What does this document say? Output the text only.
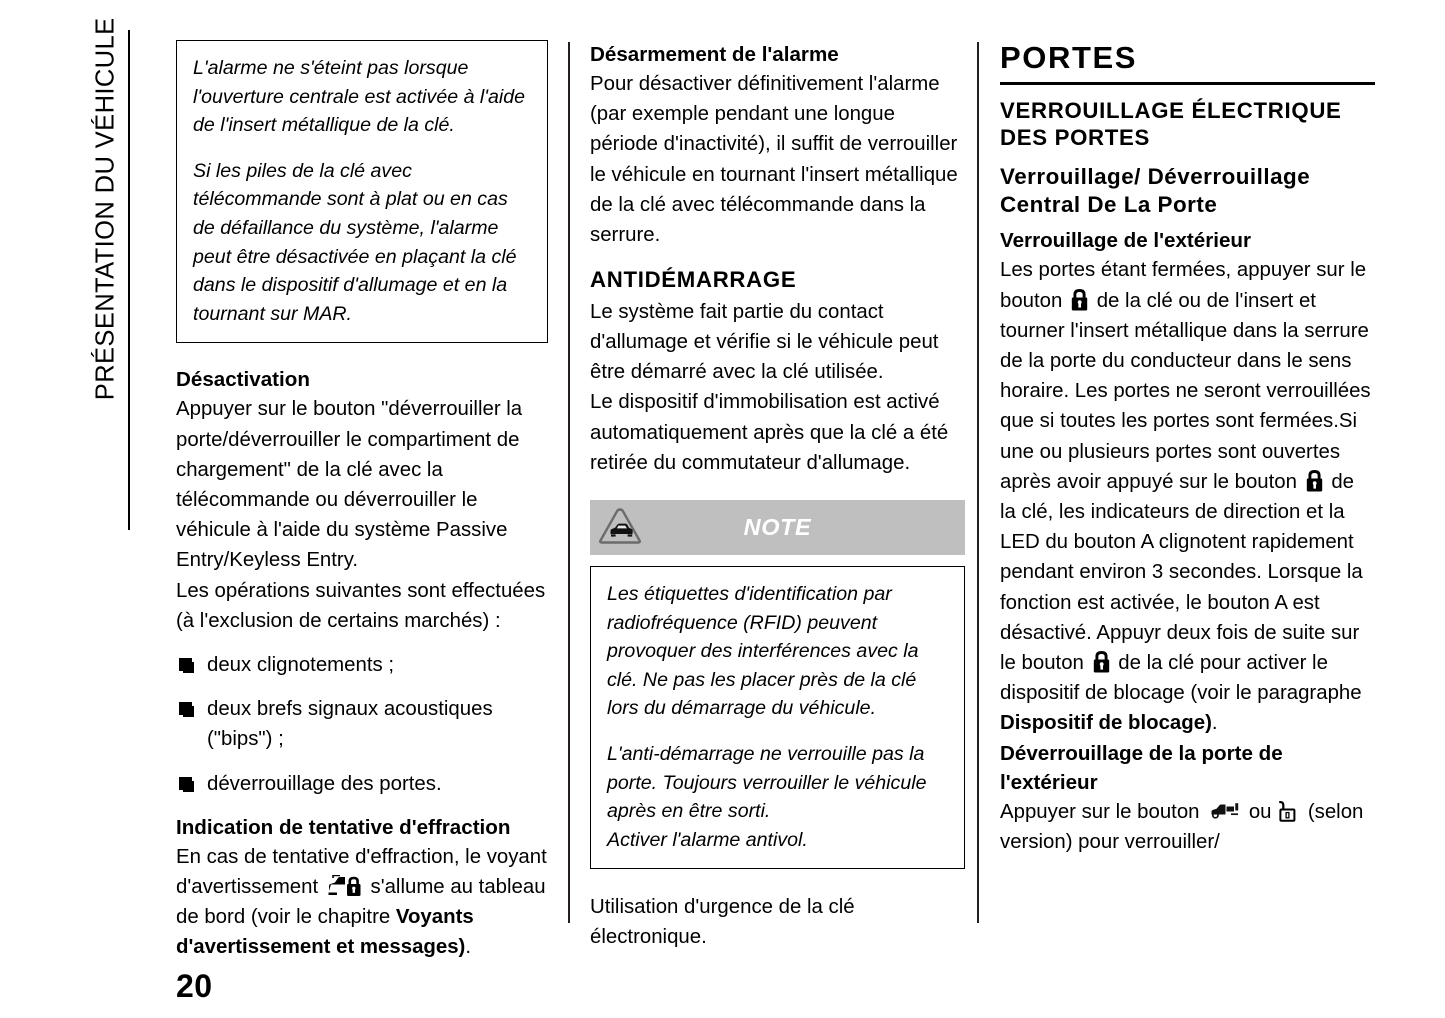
PRÉSENTATION DU VÉHICULE	L'alarme ne s'éteint pas lorsque l'ouverture centrale est activée à l'aide de l'insert métallique de la clé.

Si les piles de la clé avec télécommande sont à plat ou en cas de défaillance du système, l'alarme peut être désactivée en plaçant la clé dans le dispositif d'allumage et en la tournant sur MAR.

Désactivation

Appuyer sur le bouton "déverrouiller la porte/déverrouiller le compartiment de chargement" de la clé avec la télécommande ou déverrouiller le véhicule à l'aide du système Passive Entry/Keyless Entry.

Les opérations suivantes sont effectuées (à l'exclusion de certains marchés) :

deux clignotements ;
deux brefs signaux acoustiques ("bips") ;
déverrouillage des portes.
Indication de tentative d'effraction

En cas de tentative d'effraction, le voyant d'avertissement  s'allume au tableau de bord (voir le chapitre Voyants d'avertissement et messages).

Désarmement de l'alarme

Pour désactiver définitivement l'alarme (par exemple pendant une longue période d'inactivité), il suffit de verrouiller le véhicule en tournant l'insert métallique de la clé avec télécommande dans la serrure.

ANTIDÉMARRAGE

Le système fait partie du contact d'allumage et vérifie si le véhicule peut être démarré avec la clé utilisée.

Le dispositif d'immobilisation est activé automatiquement après que la clé a été retirée du commutateur d'allumage.

NOTE

Les étiquettes d'identification par radiofréquence (RFID) peuvent provoquer des interférences avec la clé. Ne pas les placer près de la clé lors du démarrage du véhicule.

L'anti-démarrage ne verrouille pas la porte. Toujours verrouiller le véhicule après en être sorti.

Activer l'alarme antivol.

Utilisation d'urgence de la clé électronique.

PORTES
VERROUILLAGE ÉLECTRIQUE DES PORTES
Verrouillage/ Déverrouillage Central De La Porte
Verrouillage de l'extérieur

Les portes étant fermées, appuyer sur le bouton  de la clé ou de l'insert et tourner l'insert métallique dans la serrure de la porte du conducteur dans le sens horaire. Les portes ne seront verrouillées que si toutes les portes sont fermées.Si une ou plusieurs portes sont ouvertes après avoir appuyé sur le bouton  de la clé, les indicateurs de direction et la LED du bouton A clignotent rapidement pendant environ 3 secondes. Lorsque la fonction est activée, le bouton A est désactivé. Appuyr deux fois de suite sur le bouton  de la clé pour activer le dispositif de blocage (voir le paragraphe Dispositif de blocage).

Déverrouillage de la porte de l'extérieur

Appuyer sur le bouton  ou  (selon version) pour verrouiller/

20
